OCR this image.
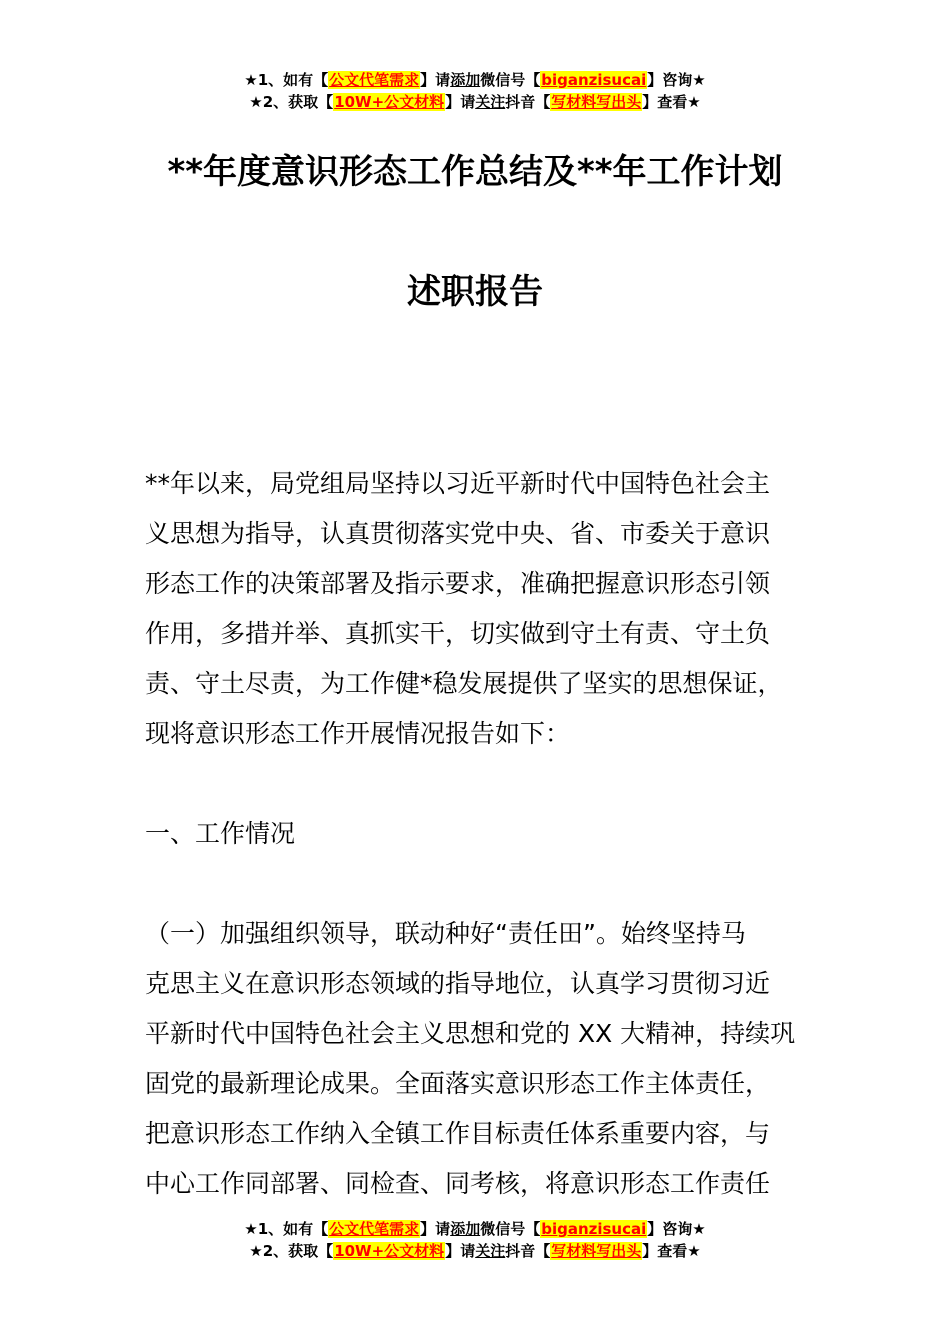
★1、如有【公文代笔需求】请添加微信号【biganzisucai】咨询★
★2、获取【10W+公文材料】请关注抖音【写材料写出头】查看★
**年度意识形态工作总结及**年工作计划
述职报告
**年以来，局党组局坚持以习近平新时代中国特色社会主
义思想为指导，认真贯彻落实党中央、省、市委关于意识
形态工作的决策部署及指示要求，准确把握意识形态引领
作用，多措并举、真抓实干，切实做到守土有责、守土负
责、守土尽责，为工作健*稳发展提供了坚实的思想保证，
现将意识形态工作开展情况报告如下：
一、工作情况
（一）加强组织领导，联动种好“责任田”。始终坚持马
克思主义在意识形态领域的指导地位，认真学习贯彻习近
平新时代中国特色社会主义思想和党的 XX 大精神，持续巩
固党的最新理论成果。全面落实意识形态工作主体责任，
把意识形态工作纳入全镇工作目标责任体系重要内容，与
中心工作同部署、同检查、同考核，将意识形态工作责任
★1、如有【公文代笔需求】请添加微信号【biganzisucai】咨询★
★2、获取【10W+公文材料】请关注抖音【写材料写出头】查看★
